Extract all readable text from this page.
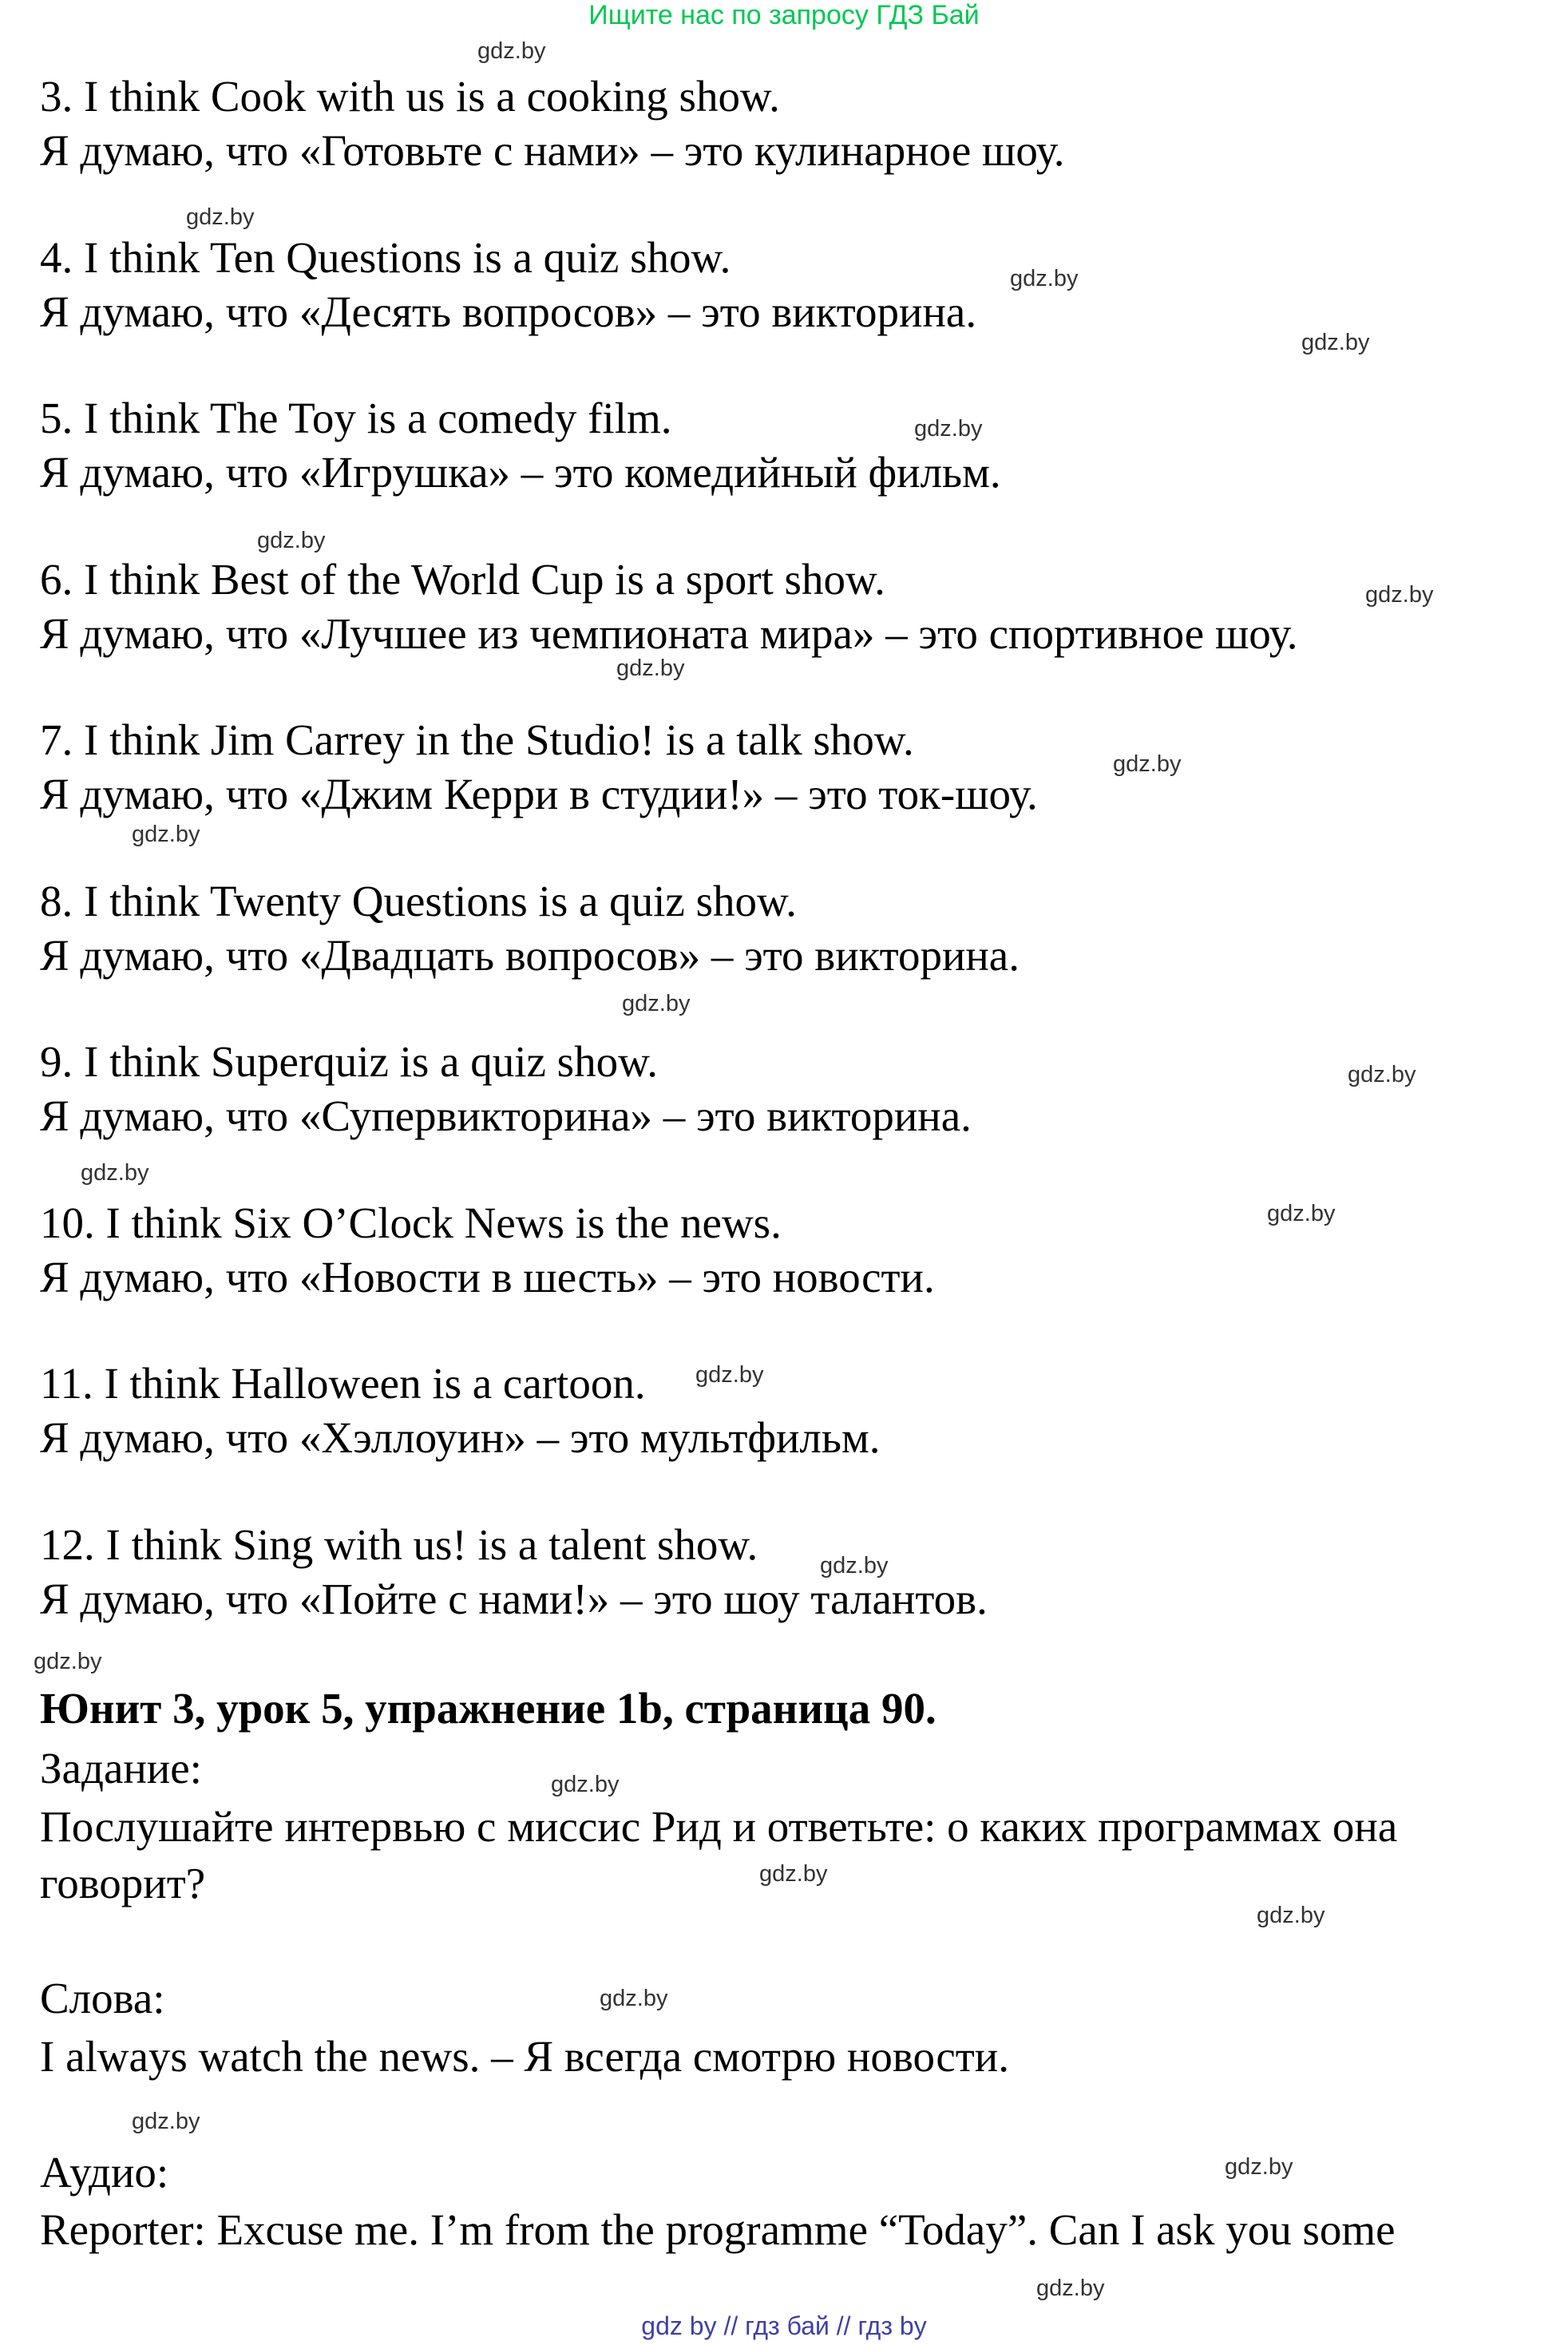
Ищите нас по запросу ГДЗ Бай
3. I think Cook with us is a cooking show.
Я думаю, что «Готовьте с нами» – это кулинарное шоу.
4. I think Ten Questions is a quiz show.
Я думаю, что «Десять вопросов» – это викторина.
5. I think The Toy is a comedy film.
Я думаю, что «Игрушка» – это комедийный фильм.
6. I think Best of the World Cup is a sport show.
Я думаю, что «Лучшее из чемпионата мира» – это спортивное шоу.
7. I think Jim Carrey in the Studio! is a talk show.
Я думаю, что «Джим Керри в студии!» – это ток-шоу.
8. I think Twenty Questions is a quiz show.
Я думаю, что «Двадцать вопросов» – это викторина.
9. I think Superquiz is a quiz show.
Я думаю, что «Супервикторина» – это викторина.
10. I think Six O’Clock News is the news.
Я думаю, что «Новости в шесть» – это новости.
11. I think Halloween is a cartoon.
Я думаю, что «Хэллоуин» – это мультфильм.
12. I think Sing with us! is a talent show.
Я думаю, что «Пойте с нами!» – это шоу талантов.
Юнит 3, урок 5, упражнение 1b, страница 90.
Задание:
Послушайте интервью с миссис Рид и ответьте: о каких программах она
говорит?
Слова:
I always watch the news. – Я всегда смотрю новости.
Аудио:
Reporter: Excuse me. I’m from the programme “Today”. Can I ask you some
gdz.by
gdz.by
gdz.by
gdz.by
gdz.by
gdz.by
gdz.by
gdz.by
gdz.by
gdz.by
gdz.by
gdz.by
gdz.by
gdz.by
gdz.by
gdz.by
gdz.by
gdz.by
gdz.by
gdz.by
gdz.by
gdz.by
gdz.by
gdz.by
gdz by // гдз бай // гдз by
